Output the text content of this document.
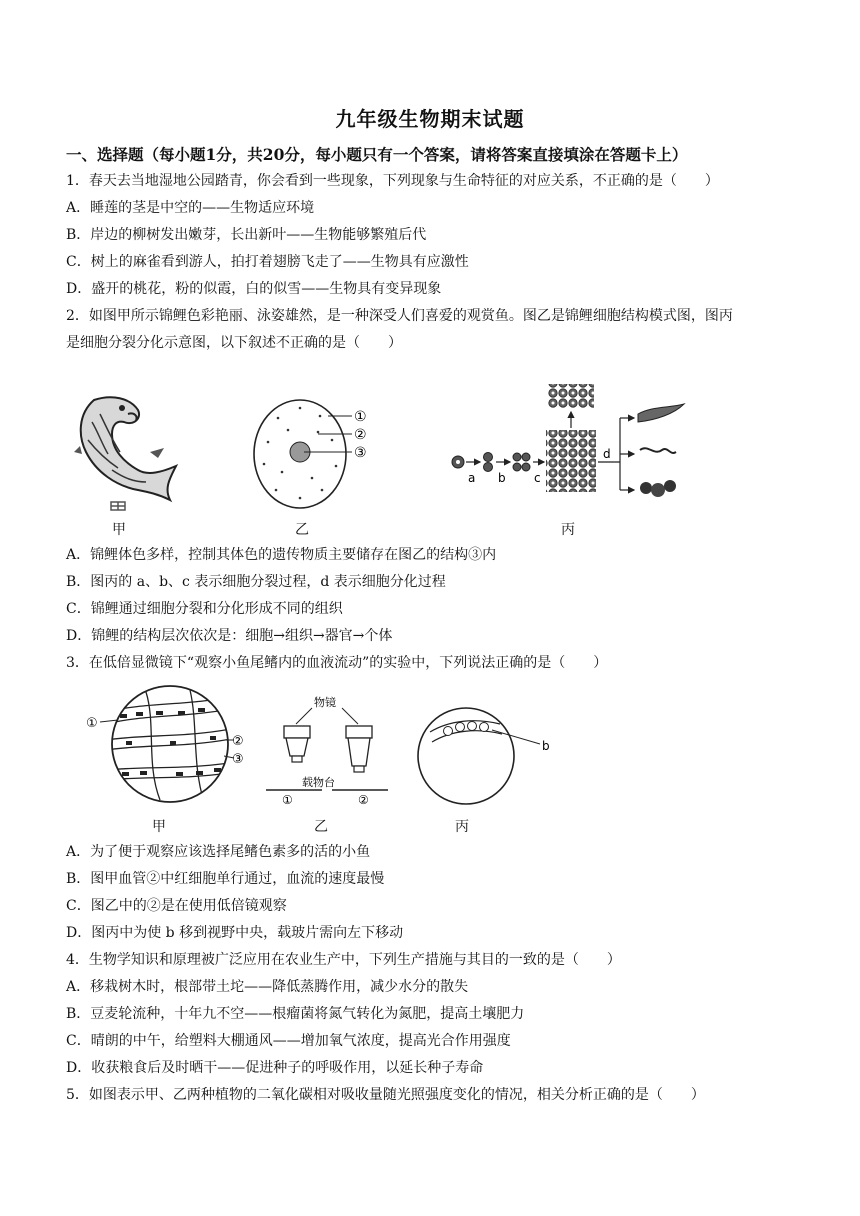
九年级生物期末试题
一、选择题（每小题1分，共20分，每小题只有一个答案，请将答案直接填涂在答题卡上）
1．春天去当地湿地公园踏青，你会看到一些现象，下列现象与生命特征的对应关系，不正确的是（　　）
A．睡莲的茎是中空的——生物适应环境
B．岸边的柳树发出嫩芽，长出新叶——生物能够繁殖后代
C．树上的麻雀看到游人，拍打着翅膀飞走了——生物具有应激性
D．盛开的桃花，粉的似霞，白的似雪——生物具有变异现象
2．如图甲所示锦鲤色彩艳丽、泳姿雄然，是一种深受人们喜爱的观赏鱼。图乙是锦鲤细胞结构模式图，图丙
是细胞分裂分化示意图，以下叙述不正确的是（　　）
①
②
③
a b c
d
甲	乙	丙
A．锦鲤体色多样，控制其体色的遗传物质主要储存在图乙的结构③内
B．图丙的 a、b、c 表示细胞分裂过程，d 表示细胞分化过程
C．锦鲤通过细胞分裂和分化形成不同的组织
D．锦鲤的结构层次依次是：细胞→组织→器官→个体
3．在低倍显微镜下“观察小鱼尾鳍内的血液流动”的实验中，下列说法正确的是（　　）
①
②
③
物镜
载物台
①	②
b
甲	乙	丙
A．为了便于观察应该选择尾鳍色素多的活的小鱼
B．图甲血管②中红细胞单行通过，血流的速度最慢
C．图乙中的②是在使用低倍镜观察
D．图丙中为使 b 移到视野中央，载玻片需向左下移动
4．生物学知识和原理被广泛应用在农业生产中，下列生产措施与其目的一致的是（　　）
A．移栽树木时，根部带土坨——降低蒸腾作用，减少水分的散失
B．豆麦轮流种，十年九不空——根瘤菌将氮气转化为氮肥，提高土壤肥力
C．晴朗的中午，给塑料大棚通风——增加氧气浓度，提高光合作用强度
D．收获粮食后及时晒干——促进种子的呼吸作用，以延长种子寿命
5．如图表示甲、乙两种植物的二氧化碳相对吸收量随光照强度变化的情况，相关分析正确的是（　　）
